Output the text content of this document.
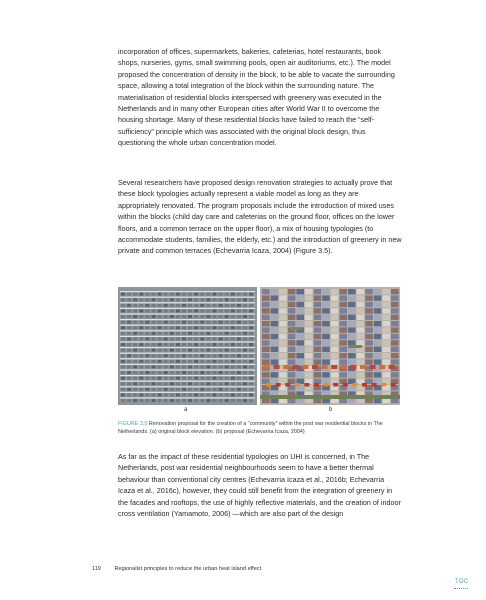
incorporation of offices, supermarkets, bakeries, cafeterias, hotel restaurants, book shops, nurseries, gyms, small swimming pools, open air auditoriums, etc.). The model proposed the concentration of density in the block, to be able to vacate the surrounding space, allowing a total integration of the block within the surrounding nature. The materialisation of residential blocks interspersed with greenery was executed in the Netherlands and in many other European cities after World War II to overcome the housing shortage. Many of these residential blocks have failed to reach the “self-sufficiency” principle which was associated with the original block design, thus questioning the whole urban concentration model.

Several researchers have proposed design renovation strategies to actually prove that these block typologies actually represent a viable model as long as they are appropriately renovated. The program proposals include the introduction of mixed uses within the blocks (child day care and cafeterias on the ground floor, offices on the lower floors, and a common terrace on the upper floor), a mix of housing typologies (to accommodate students, families, the elderly, etc.) and the introduction of greenery in new private and common terraces (Echevarria Icaza, 2004) (Figure 3.5).

a	b
FIGURE 3.5 Renovation proposal for the creation of a “community” within the post war residential blocks in The Netherlands. (a) original block elevation. (b) proposal (Echevarria Icaza, 2004)

As far as the impact of these residential typologies on UHI is concerned, in The Netherlands, post war residential neighbourhoods seem to have a better thermal behaviour than conventional city centres (Echevarria Icaza et al., 2016b; Echevarria Icaza et al., 2016c), however, they could still benefit from the integration of greenery in the facades and rooftops, the use of highly reflective materials, and the creation of indoor cross ventilation (Yamamoto, 2006) —which are also part of the design

119 Regionalist principles to reduce the urban heat island effect
TOC
